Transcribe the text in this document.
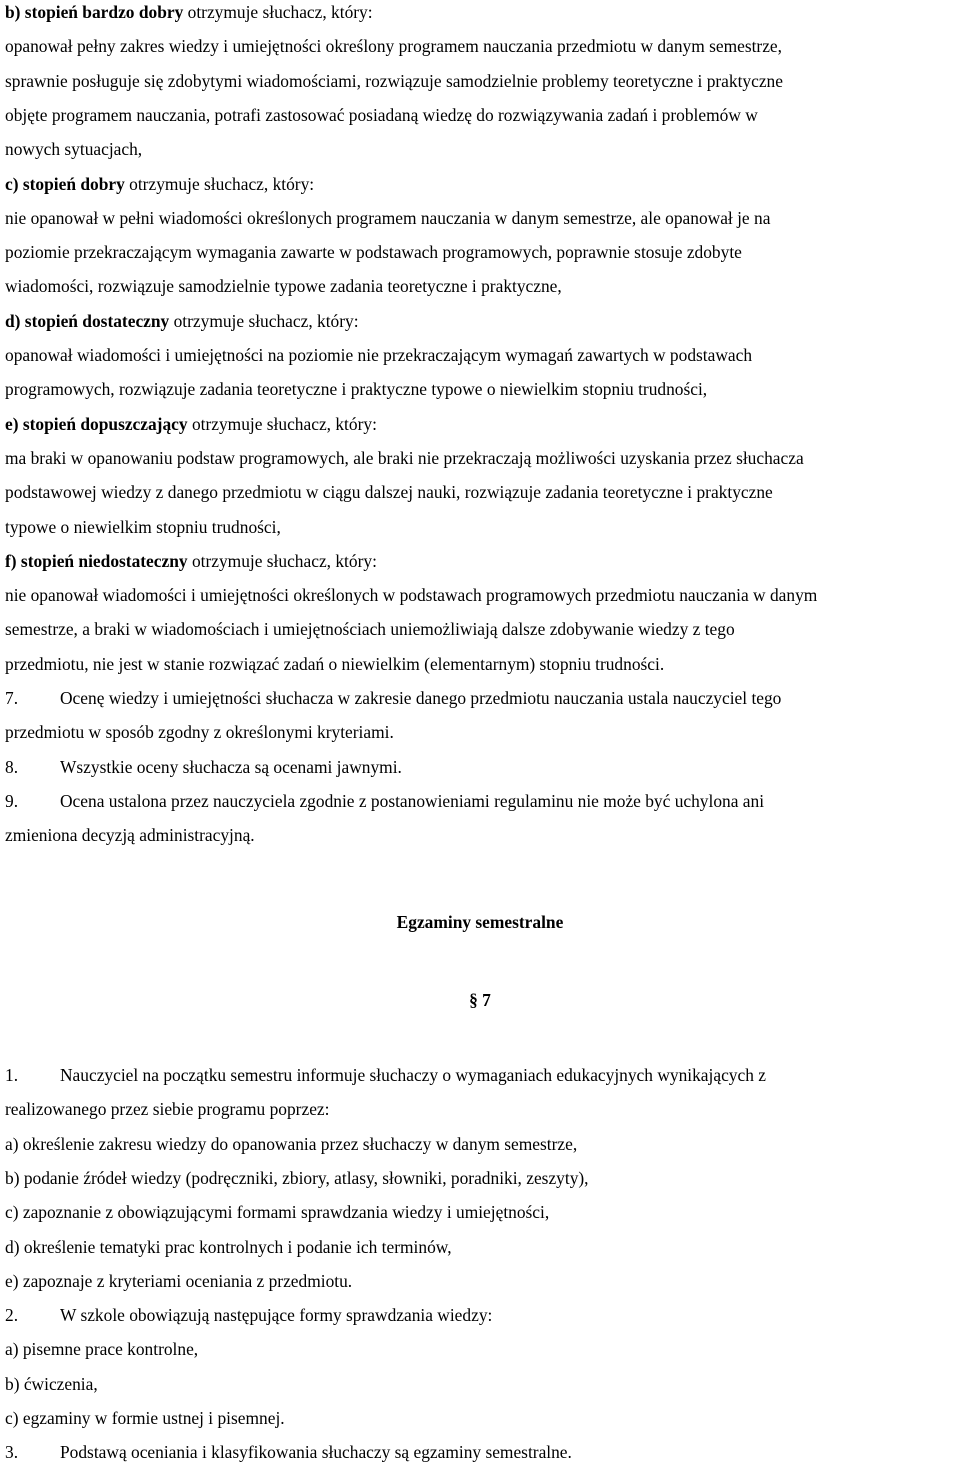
b) stopień bardzo dobry otrzymuje słuchacz, który:
opanował pełny zakres wiedzy i umiejętności określony programem nauczania przedmiotu w danym semestrze,
sprawnie posługuje się zdobytymi wiadomościami, rozwiązuje samodzielnie problemy teoretyczne i praktyczne
objęte programem nauczania, potrafi zastosować posiadaną wiedzę do rozwiązywania zadań i problemów w
nowych sytuacjach,
c) stopień dobry otrzymuje słuchacz, który:
nie opanował w pełni wiadomości określonych programem nauczania w danym semestrze, ale opanował je na
poziomie przekraczającym wymagania zawarte w podstawach programowych, poprawnie stosuje zdobyte
wiadomości, rozwiązuje samodzielnie typowe zadania teoretyczne i praktyczne,
d) stopień dostateczny otrzymuje słuchacz, który:
opanował wiadomości i umiejętności na poziomie nie przekraczającym wymagań zawartych w podstawach
programowych, rozwiązuje zadania teoretyczne i praktyczne typowe o niewielkim stopniu trudności,
e) stopień dopuszczający otrzymuje słuchacz, który:
ma braki w opanowaniu podstaw programowych, ale braki nie przekraczają możliwości uzyskania przez słuchacza
podstawowej wiedzy z danego przedmiotu w ciągu dalszej nauki, rozwiązuje zadania teoretyczne i praktyczne
typowe o niewielkim stopniu trudności,
f) stopień niedostateczny otrzymuje słuchacz, który:
nie opanował wiadomości i umiejętności określonych w podstawach programowych przedmiotu nauczania w danym
semestrze, a braki w wiadomościach i umiejętnościach uniemożliwiają dalsze zdobywanie wiedzy z tego
przedmiotu, nie jest w stanie rozwiązać zadań o niewielkim (elementarnym) stopniu trudności.
7. Ocenę wiedzy i umiejętności słuchacza w zakresie danego przedmiotu nauczania ustala nauczyciel tego
przedmiotu w sposób zgodny z określonymi kryteriami.
8. Wszystkie oceny słuchacza są ocenami jawnymi.
9. Ocena ustalona przez nauczyciela zgodnie z postanowieniami regulaminu nie może być uchylona ani
zmieniona decyzją administracyjną.
Egzaminy semestralne
§ 7
1. Nauczyciel na początku semestru informuje słuchaczy o wymaganiach edukacyjnych wynikających z
realizowanego przez siebie programu poprzez:
a) określenie zakresu wiedzy do opanowania przez słuchaczy w danym semestrze,
b) podanie źródeł wiedzy (podręczniki, zbiory, atlasy, słowniki, poradniki, zeszyty),
c) zapoznanie z obowiązującymi formami sprawdzania wiedzy i umiejętności,
d) określenie tematyki prac kontrolnych i podanie ich terminów,
e) zapoznaje z kryteriami oceniania z przedmiotu.
2. W szkole obowiązują następujące formy sprawdzania wiedzy:
a) pisemne prace kontrolne,
b) ćwiczenia,
c) egzaminy w formie ustnej i pisemnej.
3. Podstawą oceniania i klasyfikowania słuchaczy są egzaminy semestralne.
